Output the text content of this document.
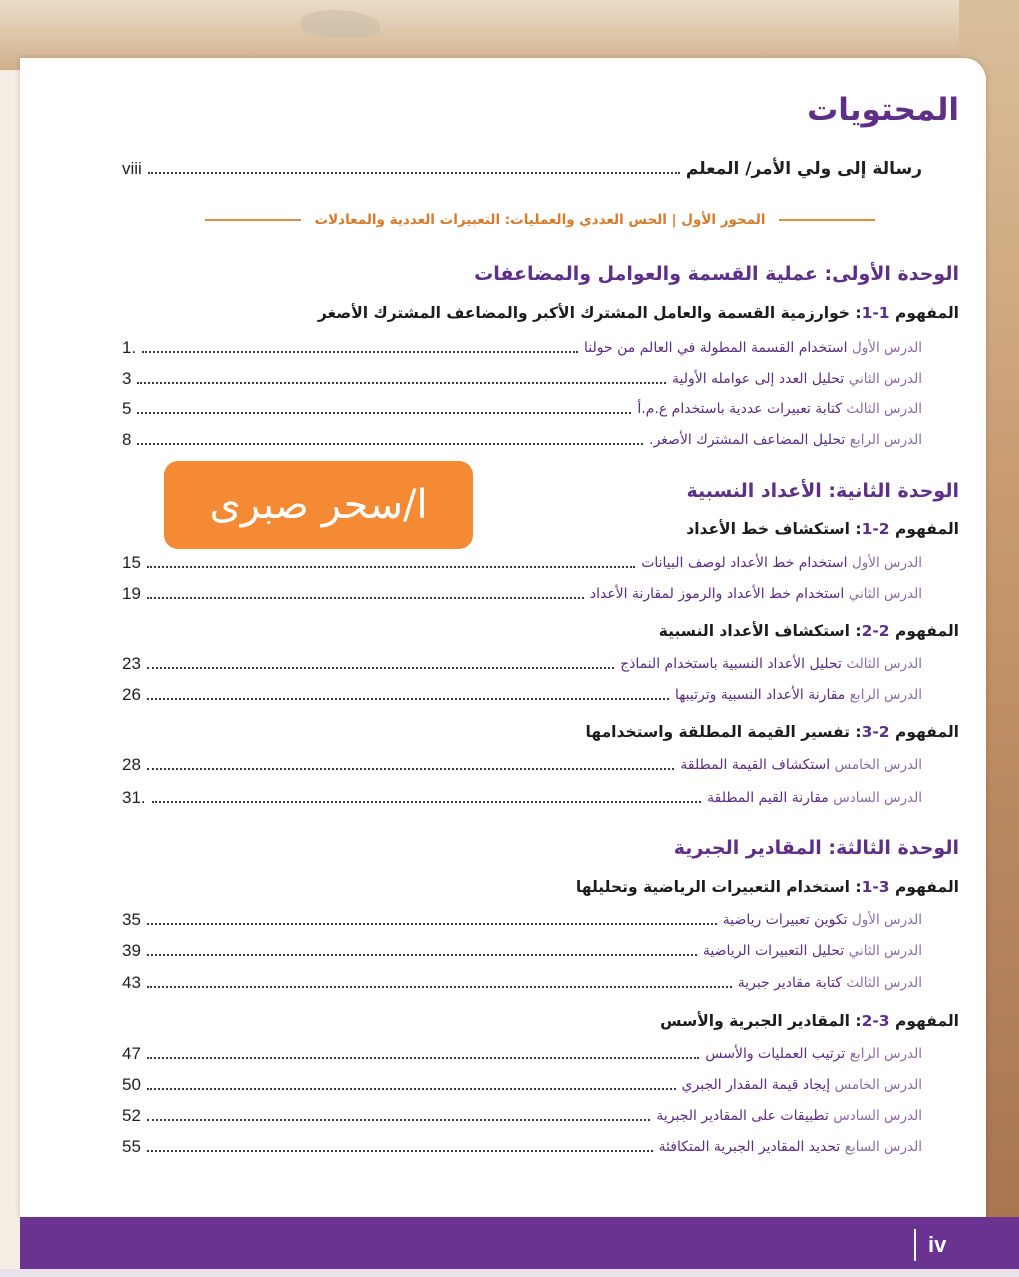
المحتويات
viii	رسالة إلى ولي الأمر/ المعلم
المحور الأول | الحس العددي والعمليات: التعبيرات العددية والمعادلات
الوحدة الأولى: عملية القسمة والعوامل والمضاعفات
المفهوم 1-1: خوارزمية القسمة والعامل المشترك الأكبر والمضاعف المشترك الأصغر
1.	الدرس الأول استخدام القسمة المطولة في العالم من حولنا
3	الدرس الثاني تحليل العدد إلى عوامله الأولية
5	الدرس الثالث كتابة تعبيرات عددية باستخدام ع.م.أ
8	الدرس الرابع تحليل المضاعف المشترك الأصغر.
الوحدة الثانية: الأعداد النسبية
المفهوم 2-1: استكشاف خط الأعداد
15	الدرس الأول استخدام خط الأعداد لوصف البيانات
19	الدرس الثاني استخدام خط الأعداد والرموز لمقارنة الأعداد
المفهوم 2-2: استكشاف الأعداد النسبية
23	الدرس الثالث تحليل الأعداد النسبية باستخدام النماذج
26	الدرس الرابع مقارنة الأعداد النسبية وترتيبها
المفهوم 2-3: تفسير القيمة المطلقة واستخدامها
28	الدرس الخامس استكشاف القيمة المطلقة
31.	الدرس السادس مقارنة القيم المطلقة
الوحدة الثالثة: المقادير الجبرية
المفهوم 3-1: استخدام التعبيرات الرياضية وتحليلها
35	الدرس الأول تكوين تعبيرات رياضية
39	الدرس الثاني تحليل التعبيرات الرياضية
43	الدرس الثالث كتابة مقادير جبرية
المفهوم 3-2: المقادير الجبرية والأسس
47	الدرس الرابع ترتيب العمليات والأسس
50	الدرس الخامس إيجاد قيمة المقدار الجبري
52	الدرس السادس تطبيقات على المقادير الجبرية
55	الدرس السابع تحديد المقادير الجبرية المتكافئة
ا/سحر صبرى
iv
